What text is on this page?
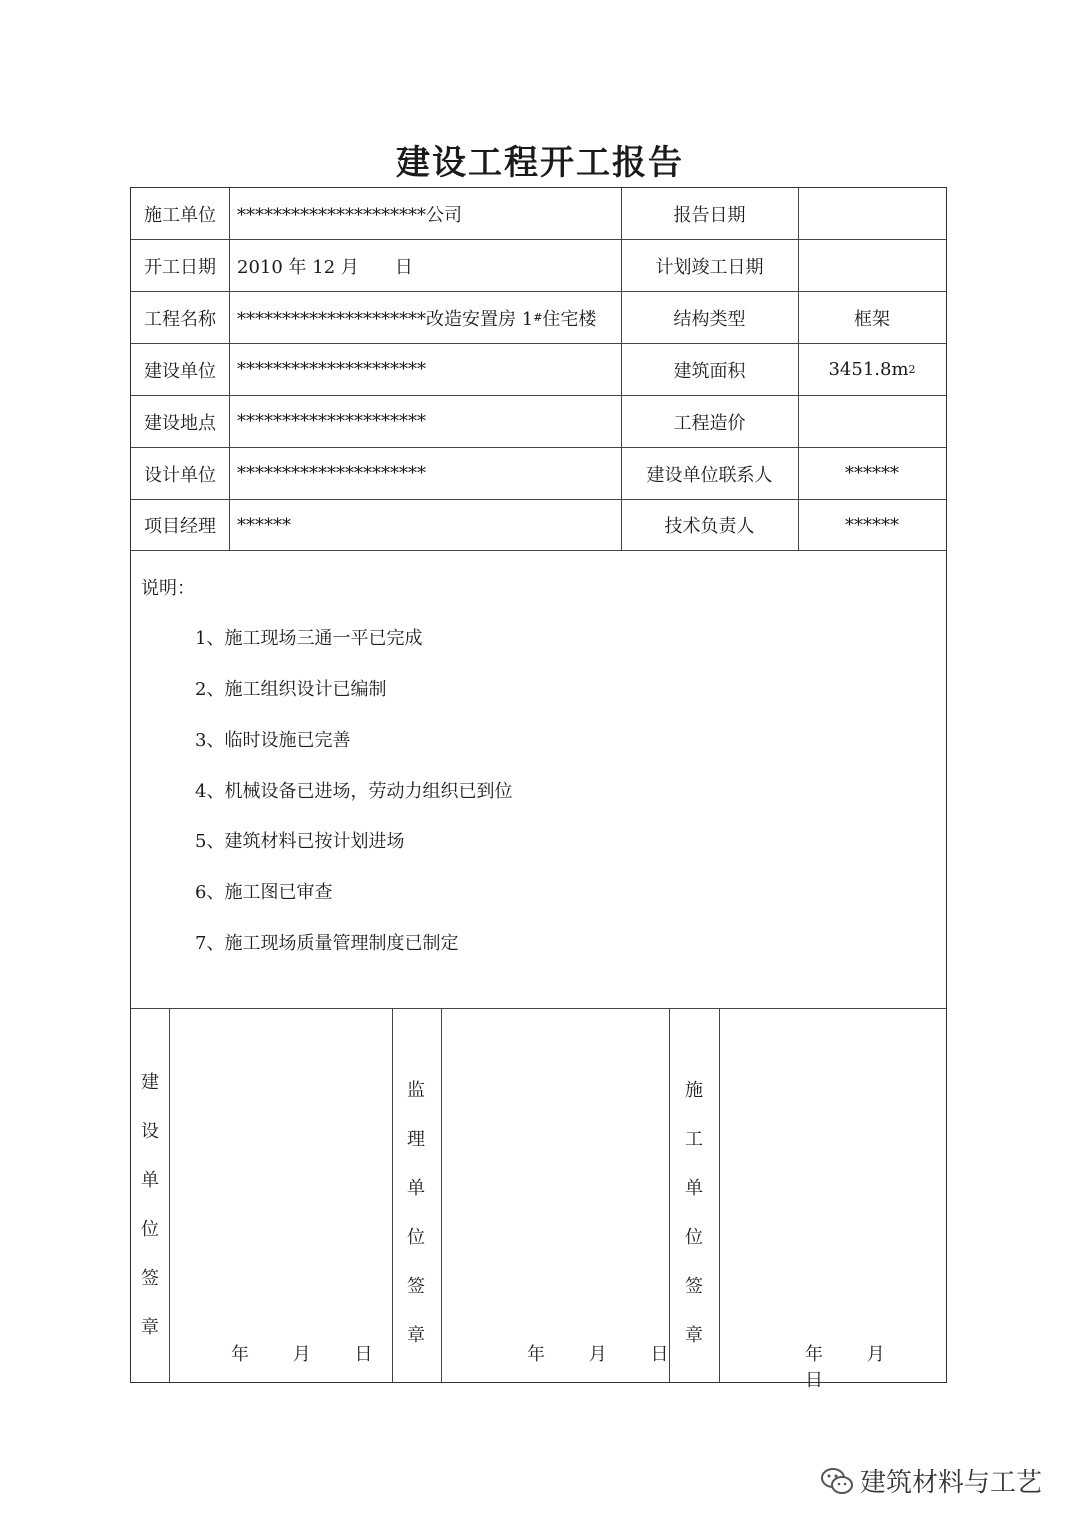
建设工程开工报告
施工单位	*********************公司	报告日期
开工日期	2010 年 12 月　　日	计划竣工日期
工程名称	*********************改造安置房 1 # 住宅楼	结构类型	框架
建设单位	*********************	建筑面积	3451.8m 2
建设地点	*********************	工程造价
设计单位	*********************	建设单位联系人	******
项目经理	******	技术负责人	******
说明：
1、施工现场三通一平已完成
2、施工组织设计已编制
3、临时设施已完善
4、机械设备已进场，劳动力组织已到位
5、建筑材料已按计划进场
6、施工图已审查
7、施工现场质量管理制度已制定
建
设
单
位
签
章
年 月 日
监
理
单
位
签
章
年 月 日
施
工
单
位
签
章
年 月 日
建筑材料与工艺
